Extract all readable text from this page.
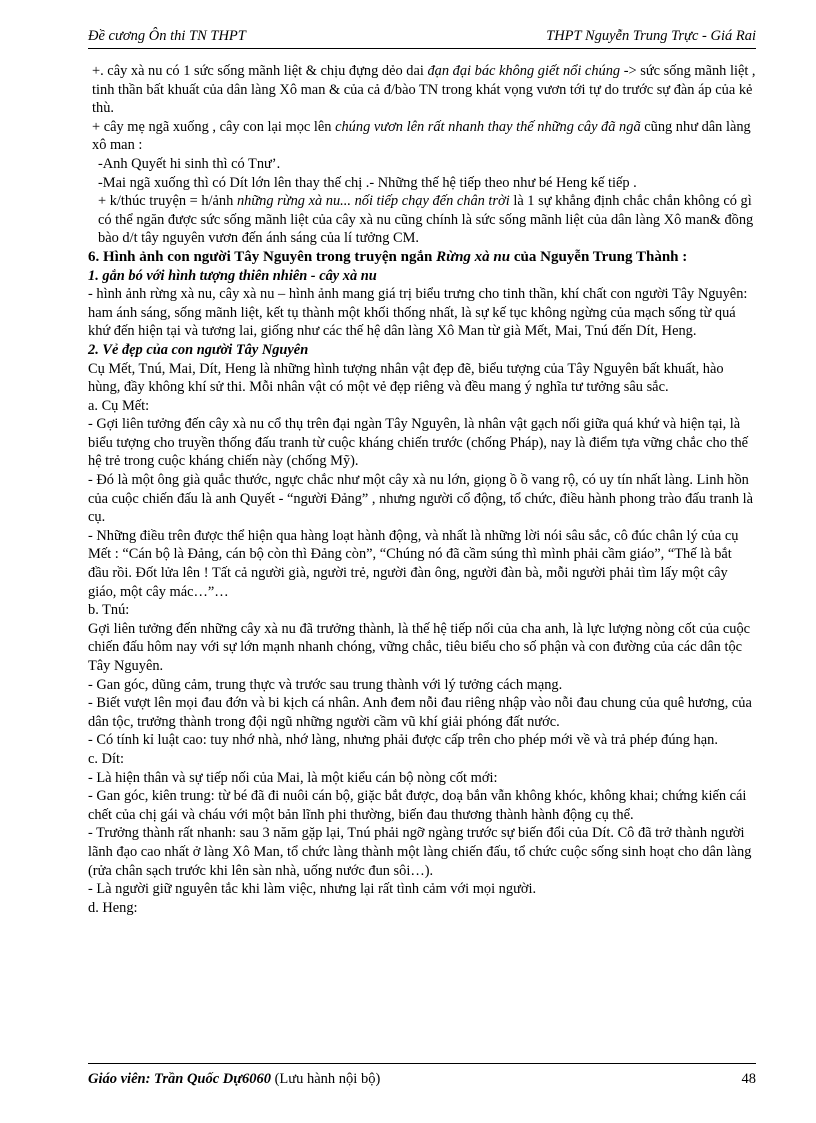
Đề cương Ôn thi TN THPT	THPT Nguyễn Trung Trực - Giá Rai

+. cây xà nu có 1 sức sống mãnh liệt & chịu đựng dẻo dai đạn đại bác không giết nổi chúng -> sức sống mãnh liệt , tinh thần bất khuất của dân làng Xô man & của cả đ/bào TN trong khát vọng vươn tới tự do trước sự đàn áp của kẻ thù.

+ cây mẹ ngã xuống , cây con lại mọc lên chúng vươn lên rất nhanh thay thế những cây đã ngã cũng như dân làng xô man :

-Anh Quyết hi sinh thì có Tnư’.

-Mai ngã xuống thì có Dít lớn lên thay thế chị .- Những thế hệ tiếp theo như bé Heng kế tiếp .

+ k/thúc truyện = h/ảnh những rừng xà nu... nối tiếp chạy đến chân trời là 1 sự khẳng định chắc chắn không có gì có thể ngăn được sức sống mãnh liệt của cây xà nu cũng chính là sức sống mãnh liệt của dân làng Xô man& đồng bào d/t tây nguyên vươn đến ánh sáng của lí tưởng CM.

6. Hình ảnh con người Tây Nguyên trong truyện ngắn Rừng xà nu của Nguyễn Trung Thành :

1. gắn bó với hình tượng thiên nhiên - cây xà nu

- hình ảnh rừng xà nu, cây xà nu – hình ảnh mang giá trị biểu trưng cho tinh thần, khí chất con người Tây Nguyên: ham ánh sáng, sống mãnh liệt, kết tụ thành một khối thống nhất, là sự kế tục không ngừng của mạch sống từ quá khứ đến hiện tại và tương lai, giống như các thế hệ dân làng Xô Man từ già Mết, Mai, Tnú đến Dít, Heng.

2. Vẻ đẹp của con người Tây Nguyên

Cụ Mết, Tnú, Mai, Dít, Heng là những hình tượng nhân vật đẹp đẽ, biểu tượng của Tây Nguyên bất khuất, hào hùng, đầy không khí sử thi. Mỗi nhân vật có một vẻ đẹp riêng và đều mang ý nghĩa tư tưởng sâu sắc.

a. Cụ Mết:

- Gợi liên tưởng đến cây xà nu cổ thụ trên đại ngàn Tây Nguyên, là nhân vật gạch nối giữa quá khứ và hiện tại, là biểu tượng cho truyền thống đấu tranh từ cuộc kháng chiến trước (chống Pháp), nay là điểm tựa vững chắc cho thế hệ trẻ trong cuộc kháng chiến này (chống Mỹ).

- Đó là một ông già quắc thước, ngực chắc như một cây xà nu lớn, giọng ồ ồ vang rộ, có uy tín nhất làng. Linh hồn của cuộc chiến đấu là anh Quyết - “người Đảng” , nhưng người cổ động, tổ chức, điều hành phong trào đấu tranh là cụ.

- Những điều trên được thể hiện qua hàng loạt hành động, và nhất là những lời nói sâu sắc, cô đúc chân lý của cụ Mết : “Cán bộ là Đảng, cán bộ còn thì Đảng còn”, “Chúng nó đã cầm súng thì mình phải cầm giáo”, “Thế là bắt đầu rồi. Đốt lửa lên ! Tất cả người già, người trẻ, người đàn ông, người đàn bà, mỗi người phải tìm lấy một cây giáo, một cây mác…”…

b. Tnú:

Gợi liên tưởng đến những cây xà nu đã trưởng thành, là thế hệ tiếp nối của cha anh, là lực lượng nòng cốt của cuộc chiến đấu hôm nay với sự lớn mạnh nhanh chóng, vững chắc, tiêu biểu cho số phận và con đường của các dân tộc Tây Nguyên.

- Gan góc, dũng cảm, trung thực và trước sau trung thành với lý tưởng cách mạng.

- Biết vượt lên mọi đau đớn và bi kịch cá nhân. Anh đem nỗi đau riêng nhập vào nỗi đau chung của quê hương, của dân tộc, trưởng thành trong đội ngũ những người cầm vũ khí giải phóng đất nước.

- Có tính kỉ luật cao: tuy nhớ nhà, nhớ làng, nhưng phải được cấp trên cho phép mới về và trả phép đúng hạn.

c. Dít:

- Là hiện thân và sự tiếp nối của Mai, là một kiểu cán bộ nòng cốt mới:

- Gan góc, kiên trung: từ bé đã đi nuôi cán bộ, giặc bắt được, doạ bắn vẫn không khóc, không khai; chứng kiến cái chết của chị gái và cháu với một bản lĩnh phi thường, biến đau thương thành hành động cụ thể.

- Trưởng thành rất nhanh: sau 3 năm gặp lại, Tnú phải ngỡ ngàng trước sự biến đổi của Dít. Cô đã trở thành người lãnh đạo cao nhất ở làng Xô Man, tổ chức làng thành một làng chiến đấu, tổ chức cuộc sống sinh hoạt cho dân làng (rửa chân sạch trước khi lên sàn nhà, uống nước đun sôi…).

- Là người giữ nguyên tắc khi làm việc, nhưng lại rất tình cảm với mọi người.

d. Heng:

Giáo viên: Trần Quốc Dự6060 (Lưu hành nội bộ)	48
